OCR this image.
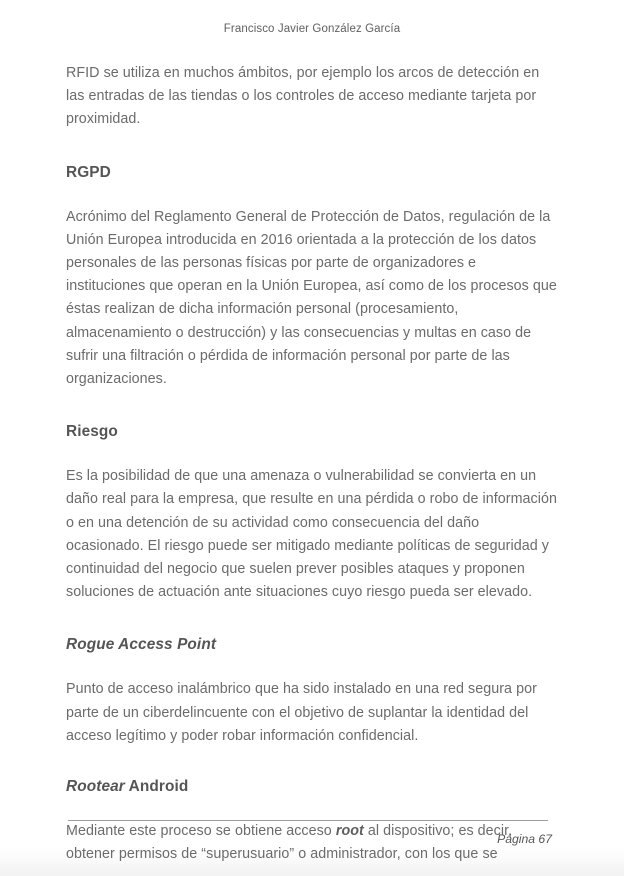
Francisco Javier González García

RFID se utiliza en muchos ámbitos, por ejemplo los arcos de detección en las entradas de las tiendas o los controles de acceso mediante tarjeta por proximidad.

RGPD

Acrónimo del Reglamento General de Protección de Datos, regulación de la Unión Europea introducida en 2016 orientada a la protección de los datos personales de las personas físicas por parte de organizadores e instituciones que operan en la Unión Europea, así como de los procesos que éstas realizan de dicha información personal (procesamiento, almacenamiento o destrucción) y las consecuencias y multas en caso de sufrir una filtración o pérdida de información personal por parte de las organizaciones.

Riesgo

Es la posibilidad de que una amenaza o vulnerabilidad se convierta en un daño real para la empresa, que resulte en una pérdida o robo de información o en una detención de su actividad como consecuencia del daño ocasionado. El riesgo puede ser mitigado mediante políticas de seguridad y continuidad del negocio que suelen prever posibles ataques y proponen soluciones de actuación ante situaciones cuyo riesgo pueda ser elevado.

Rogue Access Point

Punto de acceso inalámbrico que ha sido instalado en una red segura por parte de un ciberdelincuente con el objetivo de suplantar la identidad del acceso legítimo y poder robar información confidencial.

Rootear Android

Mediante este proceso se obtiene acceso root al dispositivo; es decir, obtener permisos de “superusuario” o administrador, con los que se

Página 67
